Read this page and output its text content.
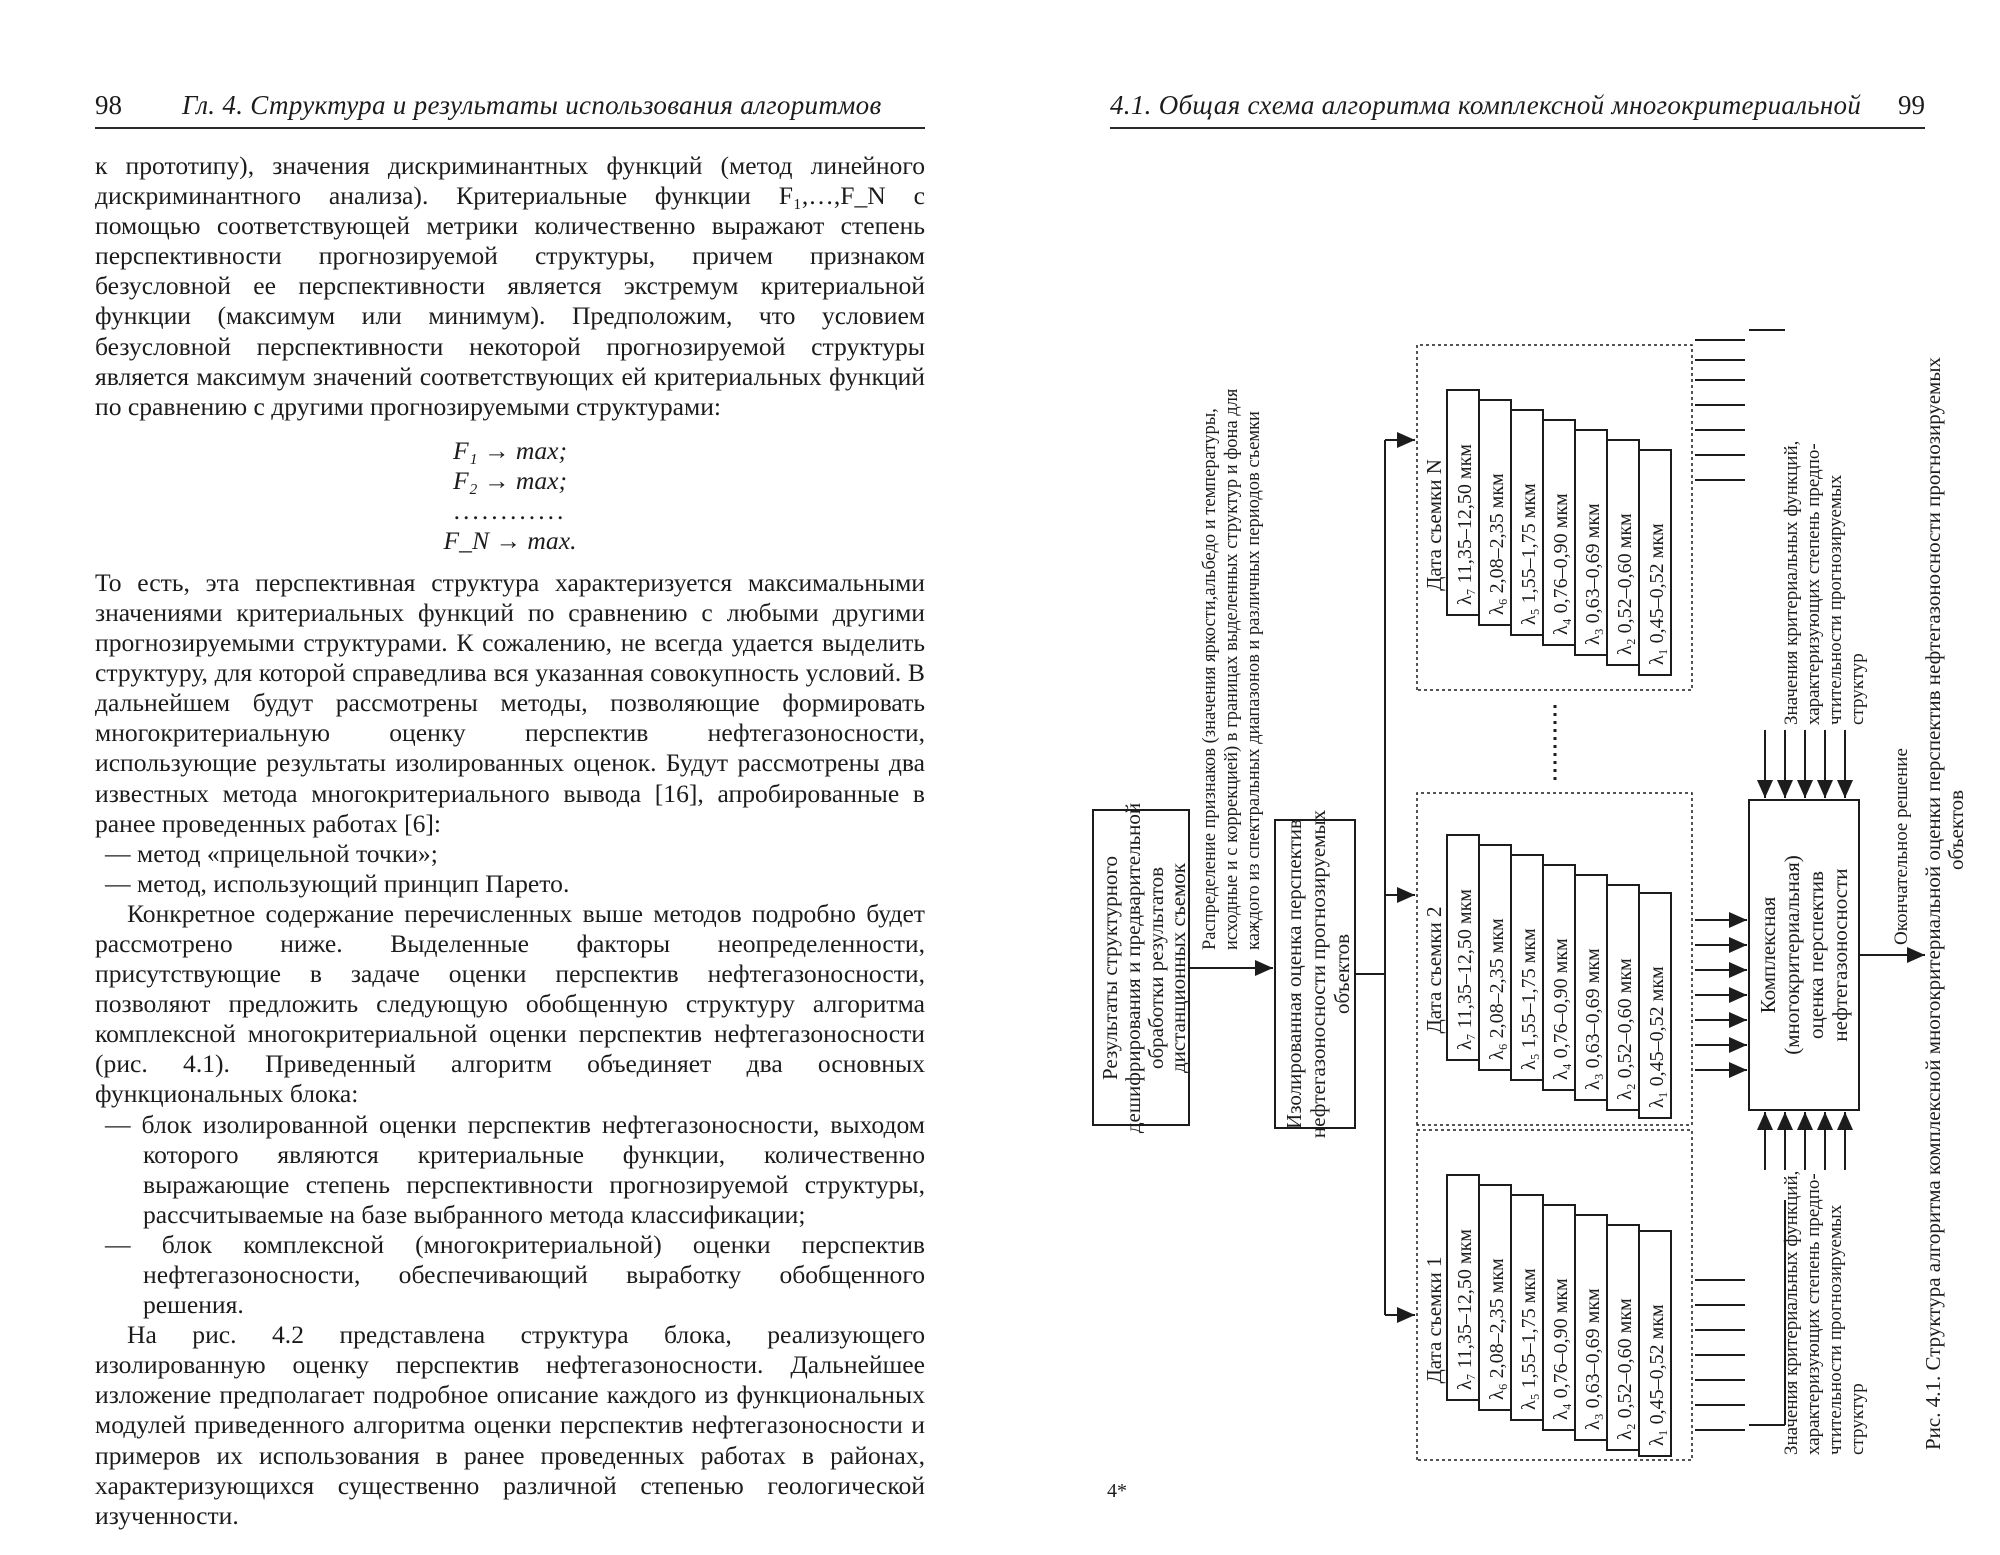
98 Гл. 4. Структура и результаты использования алгоритмов

к прототипу), значения дискриминантных функций (метод линейного дискриминантного анализа). Критериальные функции F₁,…,F_N с помощью соответствующей метрики количественно выражают степень перспективности прогнозируемой структуры, причем признаком безусловной ее перспективности является экстремум критериальной функции (максимум или минимум). Предположим, что условием безусловной перспективности некоторой прогнозируемой структуры является максимум значений соответствующих ей критериальных функций по сравнению с другими прогнозируемыми структурами:

F₁ → max;
F₂ → max;
............
F_N → max.

То есть, эта перспективная структура характеризуется максимальными значениями критериальных функций по сравнению с любыми другими прогнозируемыми структурами. К сожалению, не всегда удается выделить структуру, для которой справедлива вся указанная совокупность условий. В дальнейшем будут рассмотрены методы, позволяющие формировать многокритериальную оценку перспектив нефтегазоносности, использующие результаты изолированных оценок. Будут рассмотрены два известных метода многокритериального вывода [16], апробированные в ранее проведенных работах [6]:

— метод «прицельной точки»;

— метод, использующий принцип Парето.

Конкретное содержание перечисленных выше методов подробно будет рассмотрено ниже. Выделенные факторы неопределенности, присутствующие в задаче оценки перспектив нефтегазоносности, позволяют предложить следующую обобщенную структуру алгоритма комплексной многокритериальной оценки перспектив нефтегазоносности (рис. 4.1). Приведенный алгоритм объединяет два основных функциональных блока:

— блок изолированной оценки перспектив нефтегазоносности, выходом которого являются критериальные функции, количественно выражающие степень перспективности прогнозируемой структуры, рассчитываемые на базе выбранного метода классификации;

— блок комплексной (многокритериальной) оценки перспектив нефтегазоносности, обеспечивающий выработку обобщенного решения.

На рис. 4.2 представлена структура блока, реализующего изолированную оценку перспектив нефтегазоносности. Дальнейшее изложение предполагает подробное описание каждого из функциональных модулей приведенного алгоритма оценки перспектив нефтегазоносности и примеров их использования в ранее проведенных работах в районах, характеризующихся существенно различной степенью геологической изученности.

4.1. Общая схема алгоритма комплексной многокритериальной 99
Результаты структурного дешифрирования и предварительной обработки результатов
дистанционных съемок
Распределение признаков (значения яркости,альбедо и температуры, исходные и с коррекцией) в границах выделенных структур и фона для каждого из спектральных диапазонов и различных периодов съемки
Изолированная оценка перспектив нефтегазоносности прогнозируемых объектов
Дата съемки 1 λ₇ 11,35–12,50 мкм λ₆ 2,08–2,35 мкм λ₅ 1,55–1,75 мкм λ₄ 0,76–0,90 мкм λ₃ 0,63–0,69 мкм λ₂ 0,52–0,60 мкм λ₁ 0,45–0,52 мкм
Дата съемки 2 λ₇ 11,35–12,50 мкм λ₆ 2,08–2,35 мкм λ₅ 1,55–1,75 мкм λ₄ 0,76–0,90 мкм λ₃ 0,63–0,69 мкм λ₂ 0,52–0,60 мкм λ₁ 0,45–0,52 мкм
Дата съемки N λ₇ 11,35–12,50 мкм λ₆ 2,08–2,35 мкм λ₅ 1,55–1,75 мкм λ₄ 0,76–0,90 мкм λ₃ 0,63–0,69 мкм λ₂ 0,52–0,60 мкм λ₁ 0,45–0,52 мкм
Комплексная (многокритериальная) оценка перспектив нефтегазоносности
Окончательное решение
Значения критериальных функций, характеризующих степень предпо- чтительности прогнозируемых структур
Значения критериальных функций, характеризующих степень предпо- чтительности прогнозируемых структур	Рис. 4.1. Структура алгоритма комплексной многокритериальной оценки перспектив нефтегазоносности прогнозируемых объектов
4*
